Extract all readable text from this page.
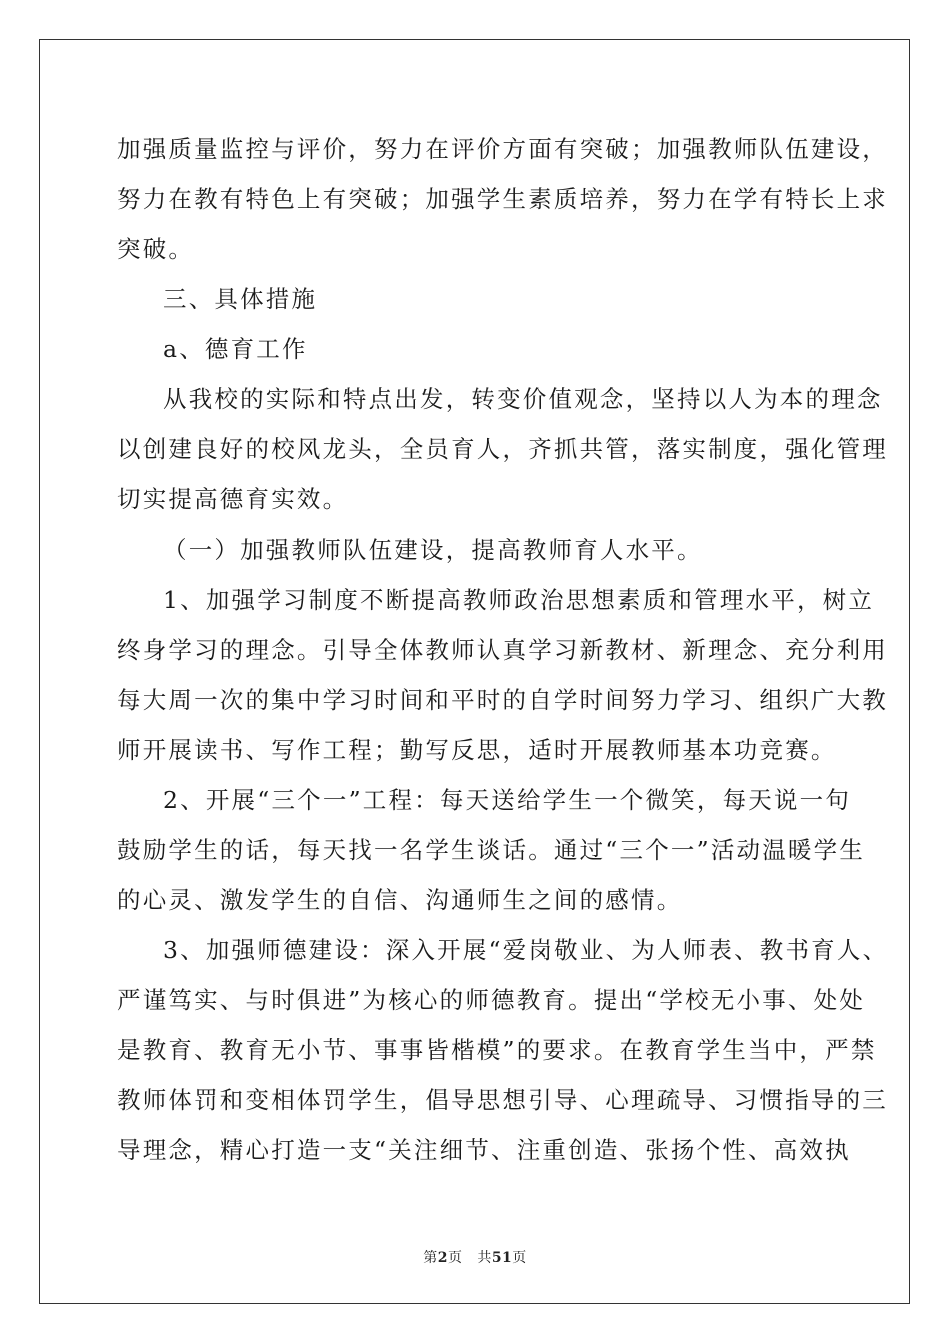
加强质量监控与评价，努力在评价方面有突破；加强教师队伍建设，
努力在教有特色上有突破；加强学生素质培养，努力在学有特长上求
突破。
三、具体措施
a、德育工作
从我校的实际和特点出发，转变价值观念，坚持以人为本的理念
以创建良好的校风龙头，全员育人，齐抓共管，落实制度，强化管理
切实提高德育实效。
（一）加强教师队伍建设，提高教师育人水平。
1、加强学习制度不断提高教师政治思想素质和管理水平，树立
终身学习的理念。引导全体教师认真学习新教材、新理念、充分利用
每大周一次的集中学习时间和平时的自学时间努力学习、组织广大教
师开展读书、写作工程；勤写反思，适时开展教师基本功竞赛。
2、开展“三个一”工程：每天送给学生一个微笑，每天说一句
鼓励学生的话，每天找一名学生谈话。通过“三个一”活动温暖学生
的心灵、激发学生的自信、沟通师生之间的感情。
3、加强师德建设：深入开展“爱岗敬业、为人师表、教书育人、
严谨笃实、与时俱进”为核心的师德教育。提出“学校无小事、处处
是教育、教育无小节、事事皆楷模”的要求。在教育学生当中，严禁
教师体罚和变相体罚学生，倡导思想引导、心理疏导、习惯指导的三
导理念，精心打造一支“关注细节、注重创造、张扬个性、高效执
第2页 共51页
